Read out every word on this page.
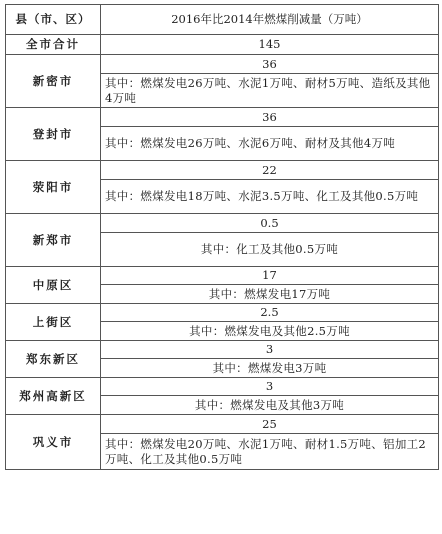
县（市、区）	2016年比2014年燃煤削减量（万吨）
全市合计	145
新密市	36
	其中：燃煤发电26万吨、水泥1万吨、耐材5万吨、造纸及其他4万吨
登封市	36
	其中：燃煤发电26万吨、水泥6万吨、耐材及其他4万吨
荥阳市	22
	其中：燃煤发电18万吨、水泥3.5万吨、化工及其他0.5万吨
新郑市	0.5
	其中：化工及其他0.5万吨
中原区	17
	其中：燃煤发电17万吨
上街区	2.5
	其中：燃煤发电及其他2.5万吨
郑东新区	3
	其中：燃煤发电3万吨
郑州高新区	3
	其中：燃煤发电及其他3万吨
巩义市	25
	其中：燃煤发电20万吨、水泥1万吨、耐材1.5万吨、铝加工2万吨、化工及其他0.5万吨
